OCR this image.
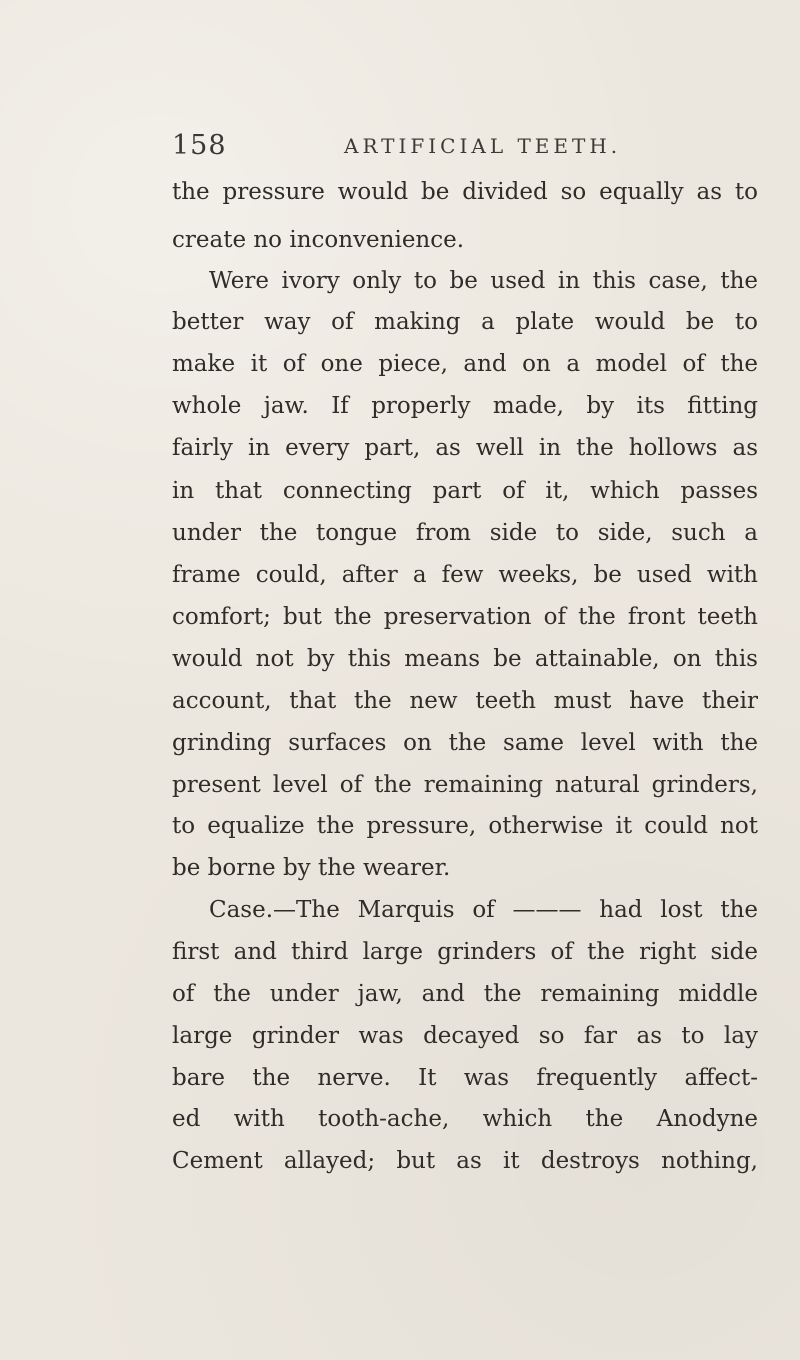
158	ARTIFICIAL TEETH.
the pressure would be divided so equally as to
create no inconvenience.
Were ivory only to be used in this case, the
better way of making a plate would be to
make it of one piece, and on a model of the
whole jaw. If properly made, by its fitting
fairly in every part, as well in the hollows as
in that connecting part of it, which passes
under the tongue from side to side, such a
frame could, after a few weeks, be used with
comfort; but the preservation of the front teeth
would not by this means be attainable, on this
account, that the new teeth must have their
grinding surfaces on the same level with the
present level of the remaining natural grinders,
to equalize the pressure, otherwise it could not
be borne by the wearer.
Case.—The Marquis of ——— had lost the
first and third large grinders of the right side
of the under jaw, and the remaining middle
large grinder was decayed so far as to lay
bare the nerve. It was frequently affect-
ed with tooth-ache, which the Anodyne
Cement allayed; but as it destroys nothing,
